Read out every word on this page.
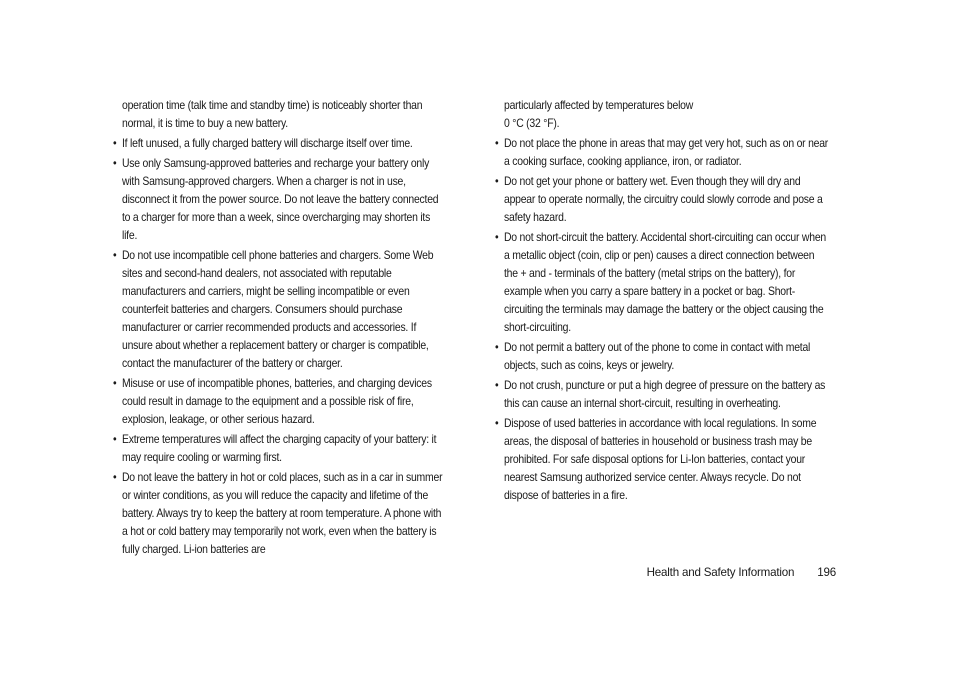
operation time (talk time and standby time) is noticeably shorter than normal, it is time to buy a new battery.

• If left unused, a fully charged battery will discharge itself over time.
• Use only Samsung-approved batteries and recharge your battery only with Samsung-approved chargers. When a charger is not in use, disconnect it from the power source. Do not leave the battery connected to a charger for more than a week, since overcharging may shorten its life.
• Do not use incompatible cell phone batteries and chargers. Some Web sites and second-hand dealers, not associated with reputable manufacturers and carriers, might be selling incompatible or even counterfeit batteries and chargers. Consumers should purchase manufacturer or carrier recommended products and accessories. If unsure about whether a replacement battery or charger is compatible, contact the manufacturer of the battery or charger.
• Misuse or use of incompatible phones, batteries, and charging devices could result in damage to the equipment and a possible risk of fire, explosion, leakage, or other serious hazard.
• Extreme temperatures will affect the charging capacity of your battery: it may require cooling or warming first.
• Do not leave the battery in hot or cold places, such as in a car in summer or winter conditions, as you will reduce the capacity and lifetime of the battery. Always try to keep the battery at room temperature. A phone with a hot or cold battery may temporarily not work, even when the battery is fully charged. Li-ion batteries are

particularly affected by temperatures below
0 °C (32 °F).

• Do not place the phone in areas that may get very hot, such as on or near a cooking surface, cooking appliance, iron, or radiator.
• Do not get your phone or battery wet. Even though they will dry and appear to operate normally, the circuitry could slowly corrode and pose a safety hazard.
• Do not short-circuit the battery. Accidental short-circuiting can occur when a metallic object (coin, clip or pen) causes a direct connection between the + and - terminals of the battery (metal strips on the battery), for example when you carry a spare battery in a pocket or bag. Short-circuiting the terminals may damage the battery or the object causing the short-circuiting.
• Do not permit a battery out of the phone to come in contact with metal objects, such as coins, keys or jewelry.
• Do not crush, puncture or put a high degree of pressure on the battery as this can cause an internal short-circuit, resulting in overheating.
• Dispose of used batteries in accordance with local regulations. In some areas, the disposal of batteries in household or business trash may be prohibited. For safe disposal options for Li-Ion batteries, contact your nearest Samsung authorized service center. Always recycle. Do not dispose of batteries in a fire.
Health and Safety Information 196
